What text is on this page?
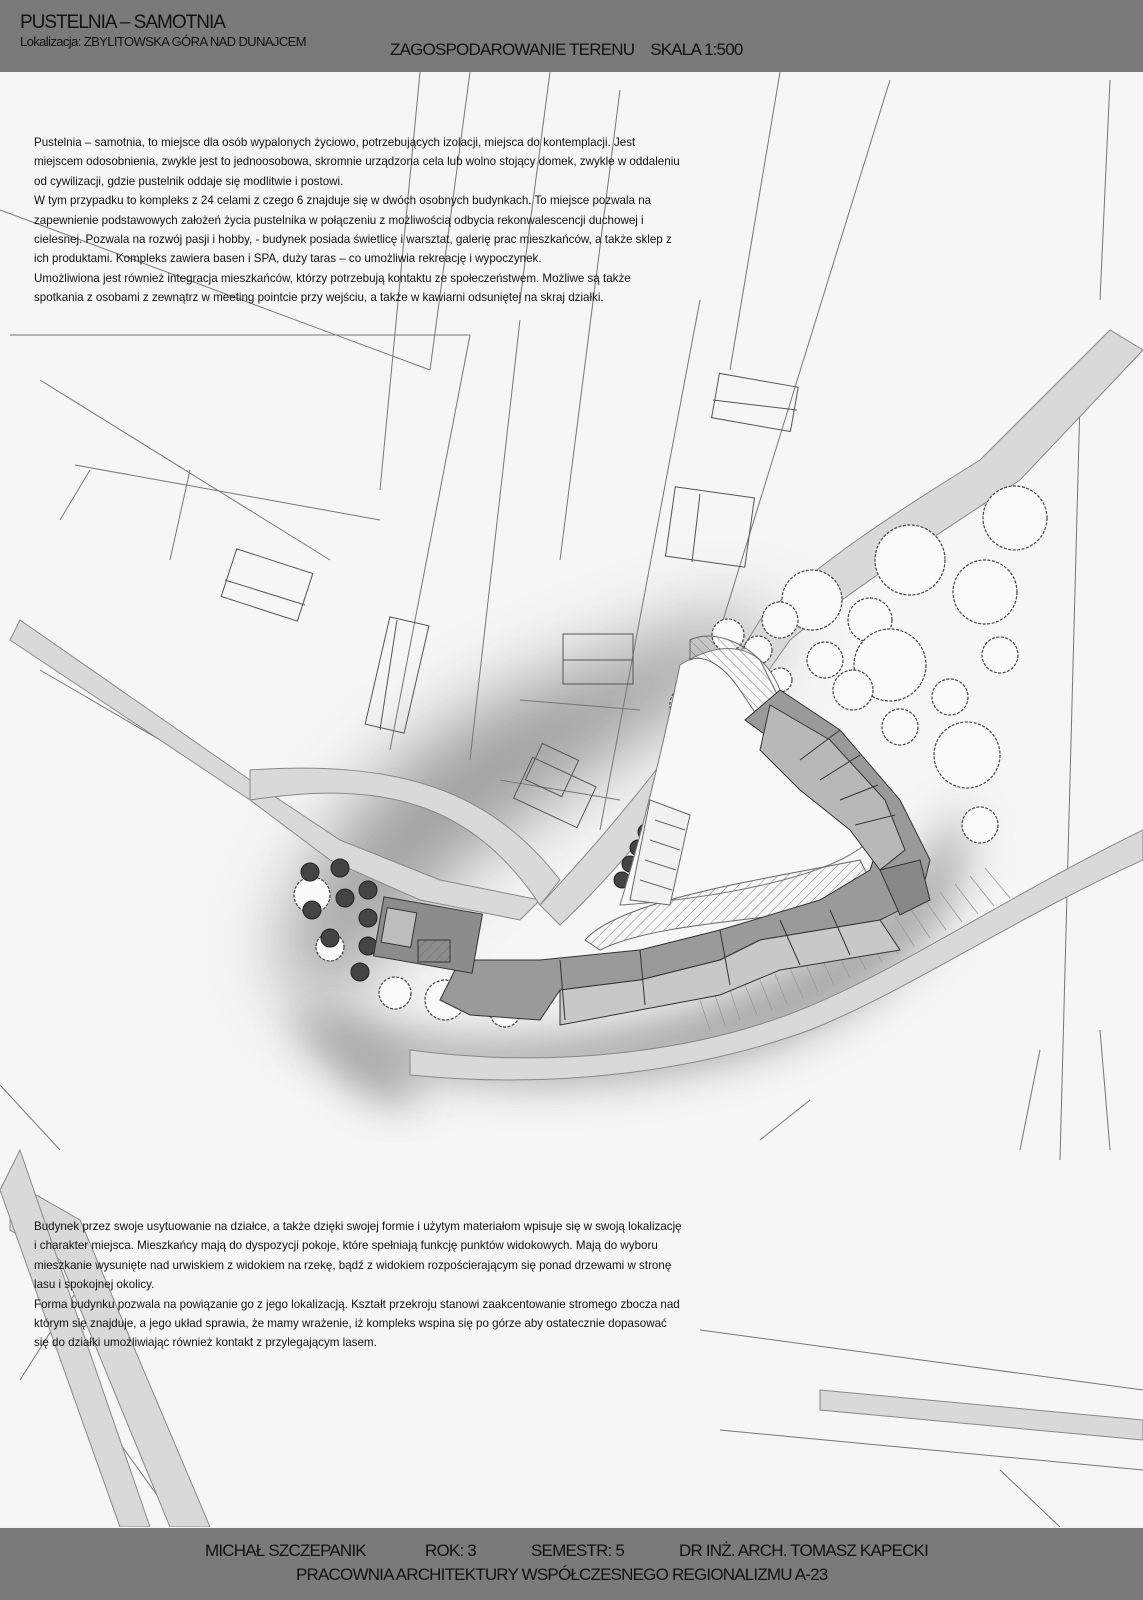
PUSTELNIA – SAMOTNIA
Lokalizacja: ZBYLITOWSKA GÓRA NAD DUNAJCEM	ZAGOSPODAROWANIE TERENU SKALA 1:500

Pustelnia – samotnia, to miejsce dla osób wypalonych życiowo, potrzebujących izolacji, miejsca do kontemplacji. Jest

miejscem odosobnienia, zwykle jest to jednoosobowa, skromnie urządzona cela lub wolno stojący domek, zwykle w oddaleniu

od cywilizacji, gdzie pustelnik oddaje się modlitwie i postowi.

W tym przypadku to kompleks z 24 celami z czego 6 znajduje się w dwóch osobnych budynkach. To miejsce pozwala na

zapewnienie podstawowych założeń życia pustelnika w połączeniu z możliwością odbycia rekonwalescencji duchowej i

cielesnej. Pozwala na rozwój pasji i hobby, - budynek posiada świetlicę i warsztat, galerię prac mieszkańców, a także sklep z

ich produktami. Kompleks zawiera basen i SPA, duży taras – co umożliwia rekreację i wypoczynek.

Umożliwiona jest również integracja mieszkańców, którzy potrzebują kontaktu ze społeczeństwem. Możliwe są także

spotkania z osobami z zewnątrz w meeting pointcie przy wejściu, a także w kawiarni odsuniętej na skraj działki.

Budynek przez swoje usytuowanie na działce, a także dzięki swojej formie i użytym materiałom wpisuje się w swoją lokalizację

i charakter miejsca. Mieszkańcy mają do dyspozycji pokoje, które spełniają funkcję punktów widokowych. Mają do wyboru

mieszkanie wysunięte nad urwiskiem z widokiem na rzekę, bądź z widokiem rozpościerającym się ponad drzewami w stronę

lasu i spokojnej okolicy.

Forma budynku pozwala na powiązanie go z jego lokalizacją. Kształt przekroju stanowi zaakcentowanie stromego zbocza nad

którym się znajduje, a jego układ sprawia, że mamy wrażenie, iż kompleks wspina się po górze aby ostatecznie dopasować

się do działki umożliwiając również kontakt z przylegającym lasem.

MICHAŁ SZCZEPANIK	ROK: 3	SEMESTR: 5	DR INŻ. ARCH. TOMASZ KAPECKI
PRACOWNIA ARCHITEKTURY WSPÓŁCZESNEGO REGIONALIZMU A-23
